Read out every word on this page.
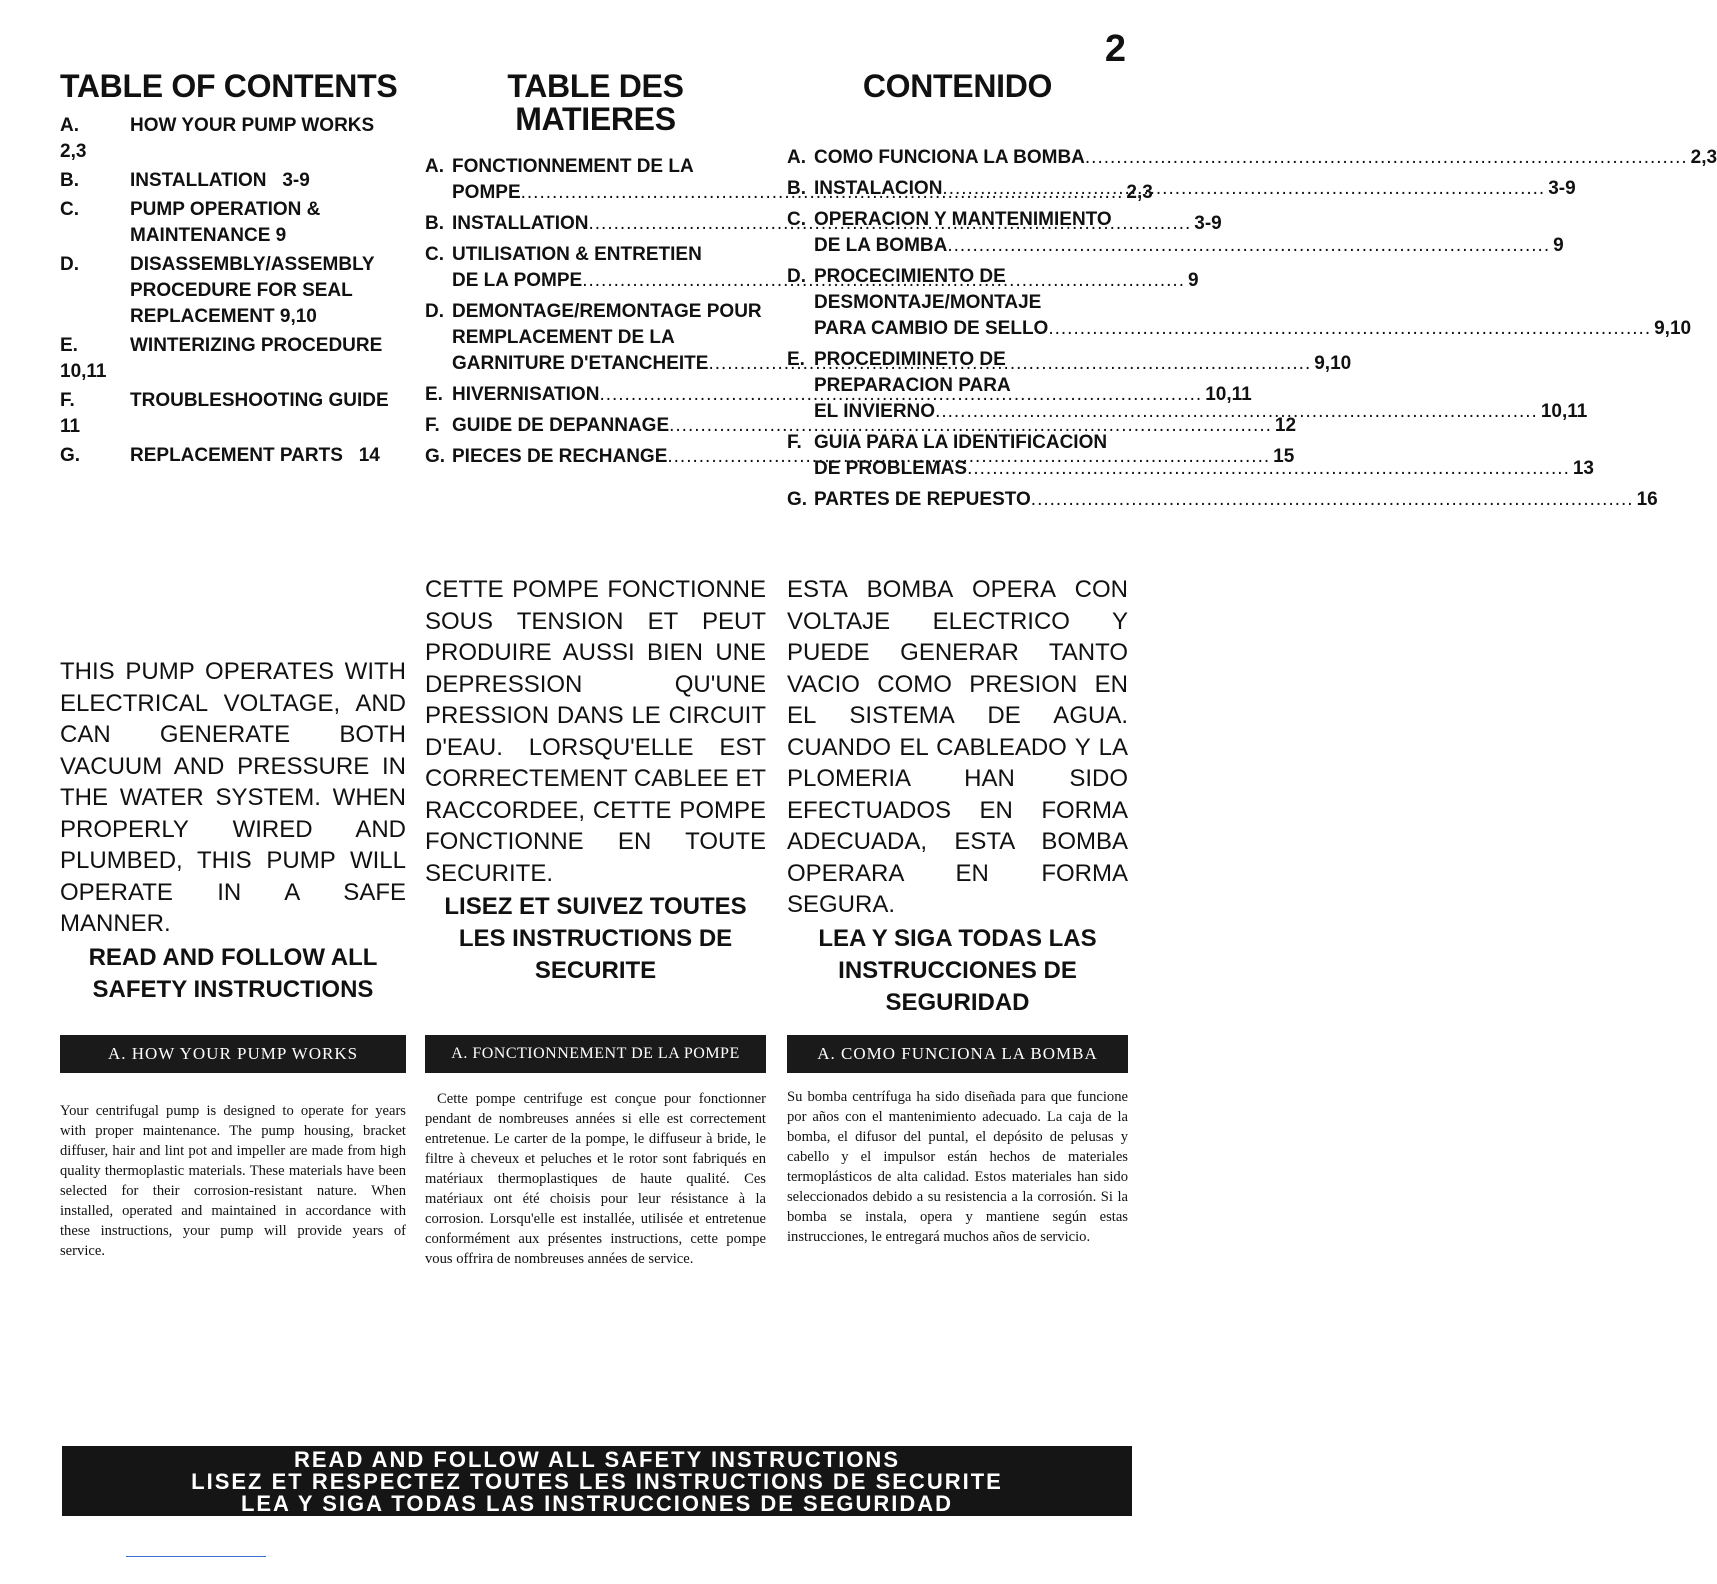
2
TABLE OF CONTENTS
A.	HOW YOUR PUMP WORKS
2,3
B.	INSTALLATION   3-9
C.	PUMP OPERATION & MAINTENANCE 9
D.	DISASSEMBLY/ASSEMBLY PROCEDURE FOR SEAL REPLACEMENT 9,10
E.	WINTERIZING PROCEDURE
10,11
F.	TROUBLESHOOTING GUIDE
11
G.	REPLACEMENT PARTS   14
TABLE DES
MATIERES
A. FONCTIONNEMENT DE LA
POMPE .....	2,3
B. INSTALLATION .....	3-9
C. UTILISATION & ENTRETIEN
DE LA POMPE .....	9
D. DEMONTAGE/REMONTAGE POUR
REMPLACEMENT DE LA
GARNITURE D'ETANCHEITE .....	9,10
E. HIVERNISATION .....	10,11
F. GUIDE DE DEPANNAGE .....	12
G. PIECES DE RECHANGE .....	15
CONTENIDO
A. COMO FUNCIONA LA BOMBA .....	2,3
B. INSTALACION .....	3-9
C. OPERACION Y MANTENIMIENTO
DE LA BOMBA .....	9
D. PROCECIMIENTO DE
DESMONTAJE/MONTAJE
PARA CAMBIO DE SELLO .....	9,10
E. PROCEDIMINETO DE
PREPARACION PARA
EL INVIERNO .....	10,11
F. GUIA PARA LA IDENTIFICACION
DE PROBLEMAS .....	13
G. PARTES DE REPUESTO .....	16
THIS PUMP OPERATES WITH ELECTRICAL VOLTAGE, AND CAN GENERATE BOTH VACUUM AND PRESSURE IN THE WATER SYSTEM. WHEN PROPERLY WIRED AND PLUMBED, THIS PUMP WILL OPERATE IN A SAFE MANNER.
READ AND FOLLOW ALL
SAFETY INSTRUCTIONS
CETTE POMPE FONCTIONNE SOUS TENSION ET PEUT PRODUIRE AUSSI BIEN UNE DEPRESSION QU'UNE PRESSION DANS LE CIRCUIT D'EAU. LORSQU'ELLE EST CORRECTEMENT CABLEE ET RACCORDEE, CETTE POMPE FONCTIONNE EN TOUTE SECURITE.
LISEZ ET SUIVEZ TOUTES
LES INSTRUCTIONS DE
SECURITE
ESTA BOMBA OPERA CON VOLTAJE ELECTRICO Y PUEDE GENERAR TANTO VACIO COMO PRESION EN EL SISTEMA DE AGUA. CUANDO EL CABLEADO Y LA PLOMERIA HAN SIDO EFECTUADOS EN FORMA ADECUADA, ESTA BOMBA OPERARA EN FORMA SEGURA.
LEA Y SIGA TODAS LAS
INSTRUCCIONES DE
SEGURIDAD
A. HOW YOUR PUMP WORKS
Your centrifugal pump is designed to operate for years with proper maintenance. The pump housing, bracket diffuser, hair and lint pot and impeller are made from high quality thermoplastic materials. These materials have been selected for their corrosion-resistant nature. When installed, operated and maintained in accordance with these instructions, your pump will provide years of service.
A. FONCTIONNEMENT DE LA POMPE
Cette pompe centrifuge est conçue pour fonctionner pendant de nombreuses années si elle est correctement entretenue. Le carter de la pompe, le diffuseur à bride, le filtre à cheveux et peluches et le rotor sont fabriqués en matériaux thermoplastiques de haute qualité. Ces matériaux ont été choisis pour leur résistance à la corrosion. Lorsqu'elle est installée, utilisée et entretenue conformément aux présentes instructions, cette pompe vous offrira de nombreuses années de service.
A. COMO FUNCIONA LA BOMBA
Su bomba centrífuga ha sido diseñada para que funcione por años con el mantenimiento adecuado. La caja de la bomba, el difusor del puntal, el depósito de pelusas y cabello y el impulsor están hechos de materiales termoplásticos de alta calidad. Estos materiales han sido seleccionados debido a su resistencia a la corrosión. Si la bomba se instala, opera y mantiene según estas instrucciones, le entregará muchos años de servicio.
READ AND FOLLOW ALL SAFETY INSTRUCTIONS
LISEZ ET RESPECTEZ TOUTES LES INSTRUCTIONS DE SECURITE
LEA Y SIGA TODAS LAS INSTRUCCIONES DE SEGURIDAD
